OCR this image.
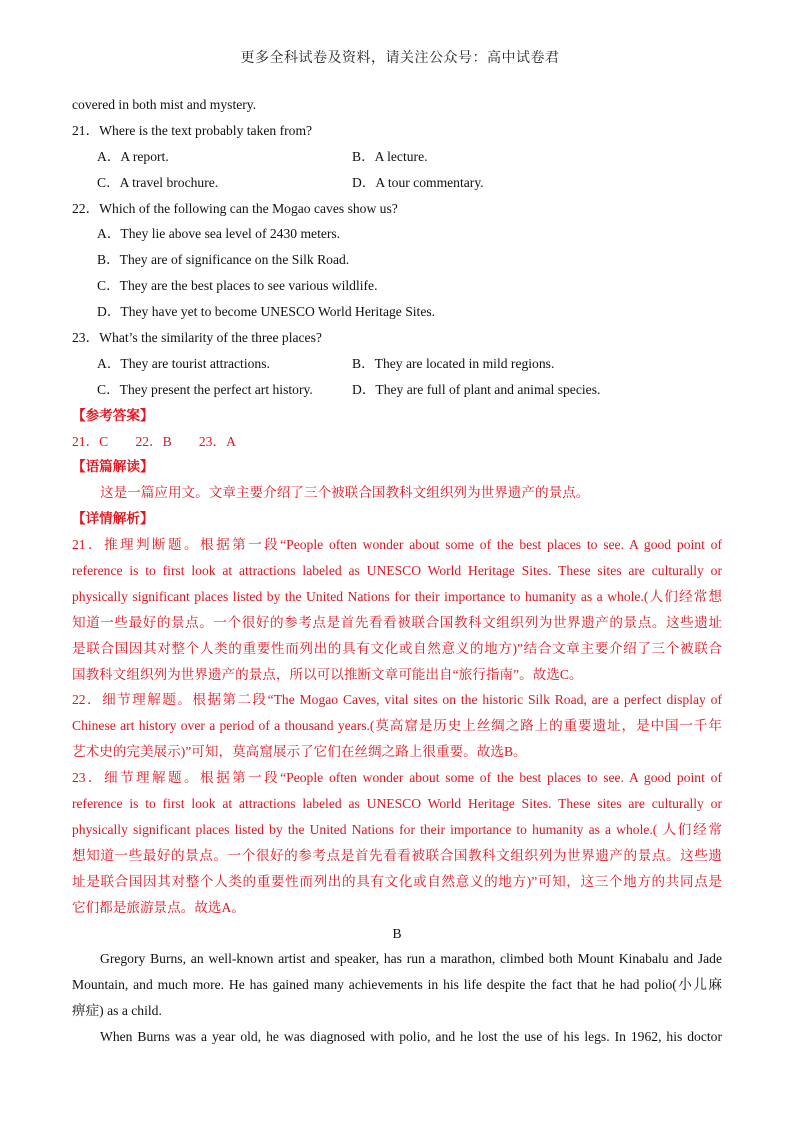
更多全科试卷及资料，请关注公众号：高中试卷君
covered in both mist and mystery.
21．Where is the text probably taken from?
A．A report.	B．A lecture.
C．A travel brochure.	D．A tour commentary.
22．Which of the following can the Mogao caves show us?
A．They lie above sea level of 2430 meters.
B．They are of significance on the Silk Road.
C．They are the best places to see various wildlife.
D．They have yet to become UNESCO World Heritage Sites.
23．What’s the similarity of the three places?
A．They are tourist attractions.	B．They are located in mild regions.
C．They present the perfect art history.	D．They are full of plant and animal species.
【参考答案】
21．C        22．B        23．A
【语篇解读】
这是一篇应用文。文章主要介绍了三个被联合国教科文组织列为世界遗产的景点。
【详情解析】
21．推理判断题。根据第一段“People often wonder about some of the best places to see. A good point of
reference is to first look at attractions labeled as UNESCO World Heritage Sites. These sites are culturally or
physically significant places listed by the United Nations for their importance to humanity as a whole.(人们经常想
知道一些最好的景点。一个很好的参考点是首先看看被联合国教科文组织列为世界遗产的景点。这些遗址
是联合国因其对整个人类的重要性而列出的具有文化或自然意义的地方)”结合文章主要介绍了三个被联合
国教科文组织列为世界遗产的景点，所以可以推断文章可能出自“旅行指南”。故选C。
22．细节理解题。根据第二段“The Mogao Caves, vital sites on the historic Silk Road, are a perfect display of
Chinese art history over a period of a thousand years.(莫高窟是历史上丝绸之路上的重要遗址，是中国一千年
艺术史的完美展示)”可知，莫高窟展示了它们在丝绸之路上很重要。故选B。
23．细节理解题。根据第一段“People often wonder about some of the best places to see. A good point of
reference is to first look at attractions labeled as UNESCO World Heritage Sites. These sites are culturally or
physically significant places listed by the United Nations for their importance to humanity as a whole.( 人们经常
想知道一些最好的景点。一个很好的参考点是首先看看被联合国教科文组织列为世界遗产的景点。这些遗
址是联合国因其对整个人类的重要性而列出的具有文化或自然意义的地方)”可知，这三个地方的共同点是
它们都是旅游景点。故选A。
B
Gregory Burns, an well-known artist and speaker, has run a marathon, climbed both Mount Kinabalu and Jade
Mountain, and much more. He has gained many achievements in his life despite the fact that he had polio(小儿麻
痹症) as a child.
When Burns was a year old, he was diagnosed with polio, and he lost the use of his legs. In 1962, his doctor
